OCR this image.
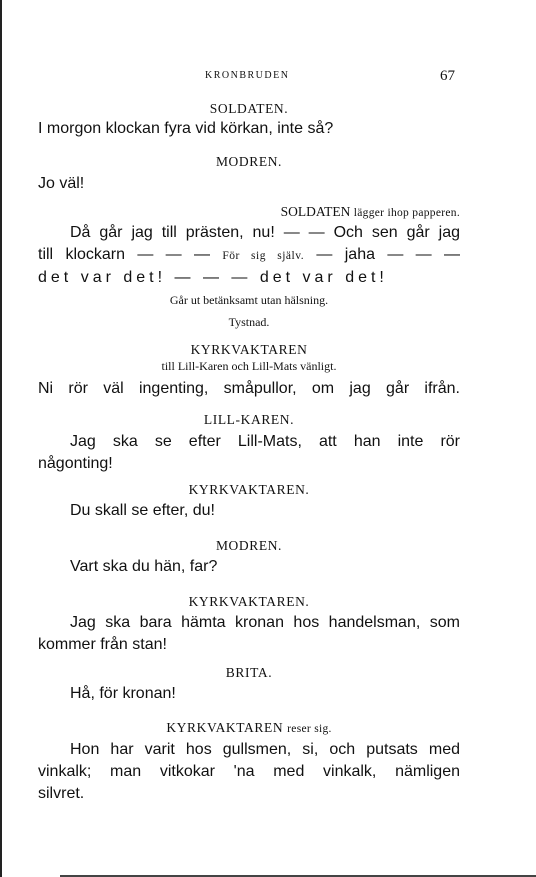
KRONBRUDEN	67

SOLDATEN.

I morgon klockan fyra vid körkan, inte så?

MODREN.

Jo väl!

SOLDATEN lägger ihop papperen.

Då går jag till prästen, nu! — — Och sen går jag

till klockarn — — — För sig själv. — jaha — — —

det var det! — — — det var det!

Går ut betänksamt utan hälsning.

Tystnad.

KYRKVAKTAREN

till Lill-Karen och Lill-Mats vänligt.

Ni rör väl ingenting, småpullor, om jag går ifrån.

LILL-KAREN.

Jag ska se efter Lill-Mats, att han inte rör

någonting!

KYRKVAKTAREN.

Du skall se efter, du!

MODREN.

Vart ska du hän, far?

KYRKVAKTAREN.

Jag ska bara hämta kronan hos handelsman, som

kommer från stan!

BRITA.

Hå, för kronan!

KYRKVAKTAREN reser sig.

Hon har varit hos gullsmen, si, och putsats med

vinkalk; man vitkokar 'na med vinkalk, nämligen

silvret.
